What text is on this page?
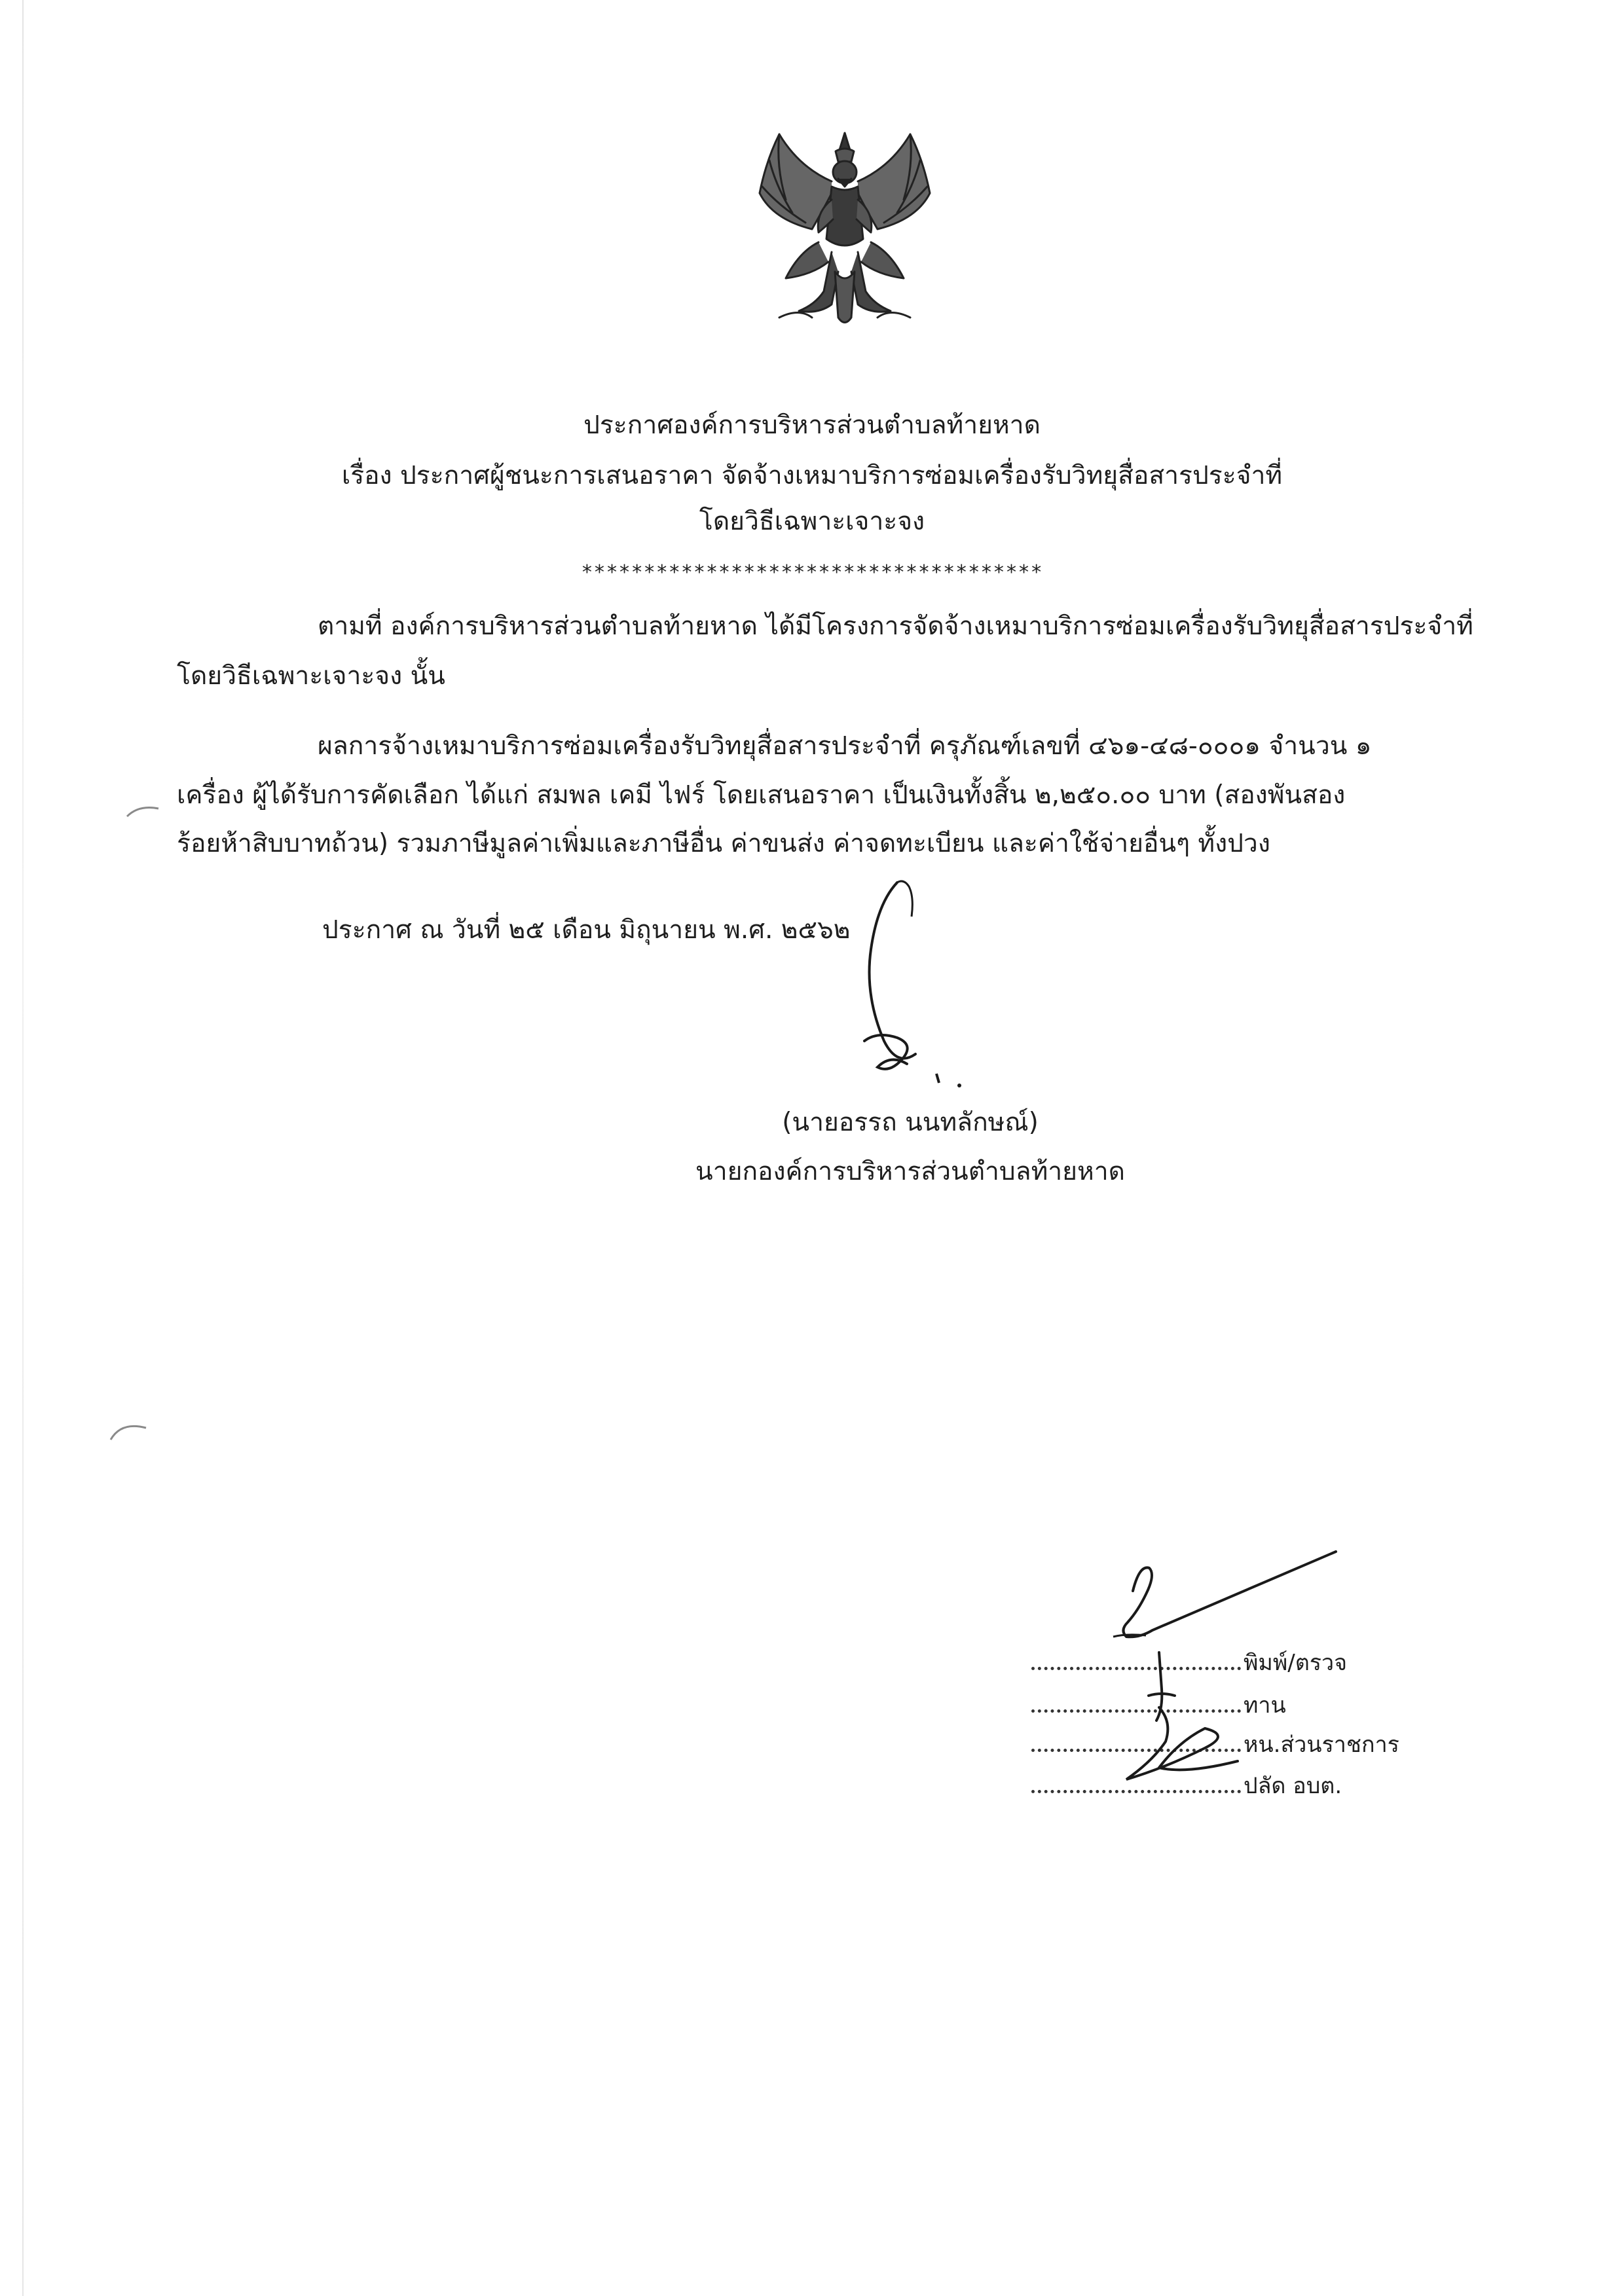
ประกาศองค์การบริหารส่วนตำบลท้ายหาด
เรื่อง ประกาศผู้ชนะการเสนอราคา จัดจ้างเหมาบริการซ่อมเครื่องรับวิทยุสื่อสารประจำที่
โดยวิธีเฉพาะเจาะจง
*************************************
ตามที่ องค์การบริหารส่วนตำบลท้ายหาด ได้มีโครงการจัดจ้างเหมาบริการซ่อมเครื่องรับวิทยุสื่อสารประจำที่
โดยวิธีเฉพาะเจาะจง นั้น
ผลการจ้างเหมาบริการซ่อมเครื่องรับวิทยุสื่อสารประจำที่ ครุภัณฑ์เลขที่ ๔๖๑-๔๘-๐๐๐๑ จำนวน ๑
เครื่อง ผู้ได้รับการคัดเลือก ได้แก่ สมพล เคมี ไฟร์ โดยเสนอราคา เป็นเงินทั้งสิ้น ๒,๒๕๐.๐๐ บาท (สองพันสอง
ร้อยห้าสิบบาทถ้วน) รวมภาษีมูลค่าเพิ่มและภาษีอื่น ค่าขนส่ง ค่าจดทะเบียน และค่าใช้จ่ายอื่นๆ ทั้งปวง
ประกาศ ณ วันที่ ๒๕ เดือน มิถุนายน พ.ศ. ๒๕๖๒
(นายอรรถ นนทลักษณ์)
นายกองค์การบริหารส่วนตำบลท้ายหาด
พิมพ์/ตรวจ
ทาน
หน.ส่วนราชการ
ปลัด อบต.
